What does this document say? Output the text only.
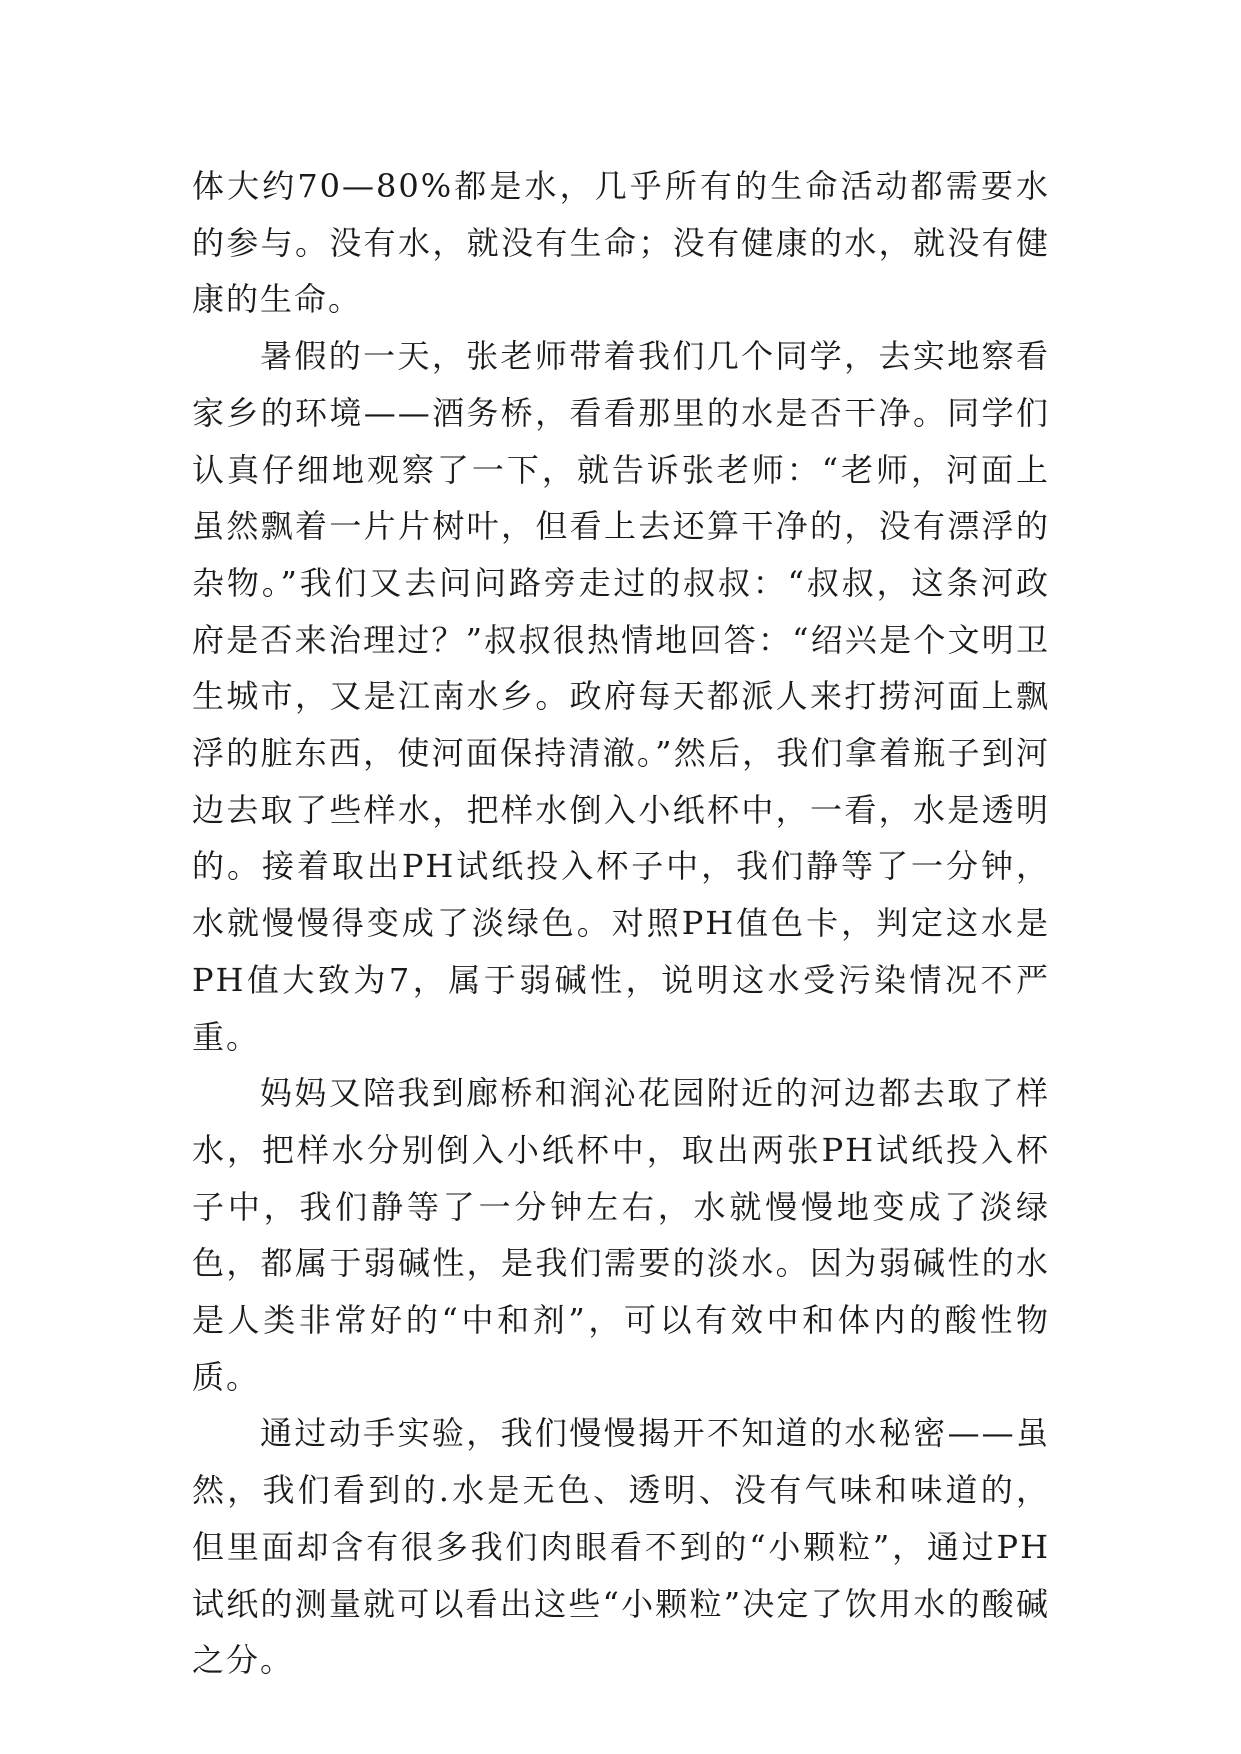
体大约70—80%都是水，几乎所有的生命活动都需要水的参与。没有水，就没有生命；没有健康的水，就没有健康的生命。

暑假的一天，张老师带着我们几个同学，去实地察看家乡的环境——酒务桥，看看那里的水是否干净。同学们认真仔细地观察了一下，就告诉张老师：“老师，河面上虽然飘着一片片树叶，但看上去还算干净的，没有漂浮的杂物。”我们又去问问路旁走过的叔叔：“叔叔，这条河政府是否来治理过？”叔叔很热情地回答：“绍兴是个文明卫生城市，又是江南水乡。政府每天都派人来打捞河面上飘浮的脏东西，使河面保持清澈。”然后，我们拿着瓶子到河边去取了些样水，把样水倒入小纸杯中，一看，水是透明的。接着取出PH试纸投入杯子中，我们静等了一分钟，水就慢慢得变成了淡绿色。对照PH值色卡，判定这水是PH值大致为7，属于弱碱性，说明这水受污染情况不严重。

妈妈又陪我到廊桥和润沁花园附近的河边都去取了样水，把样水分别倒入小纸杯中，取出两张PH试纸投入杯子中，我们静等了一分钟左右，水就慢慢地变成了淡绿色，都属于弱碱性，是我们需要的淡水。因为弱碱性的水是人类非常好的“中和剂”，可以有效中和体内的酸性物质。

通过动手实验，我们慢慢揭开不知道的水秘密——虽然，我们看到的.水是无色、透明、没有气味和味道的，但里面却含有很多我们肉眼看不到的“小颗粒”，通过PH试纸的测量就可以看出这些“小颗粒”决定了饮用水的酸碱之分。
